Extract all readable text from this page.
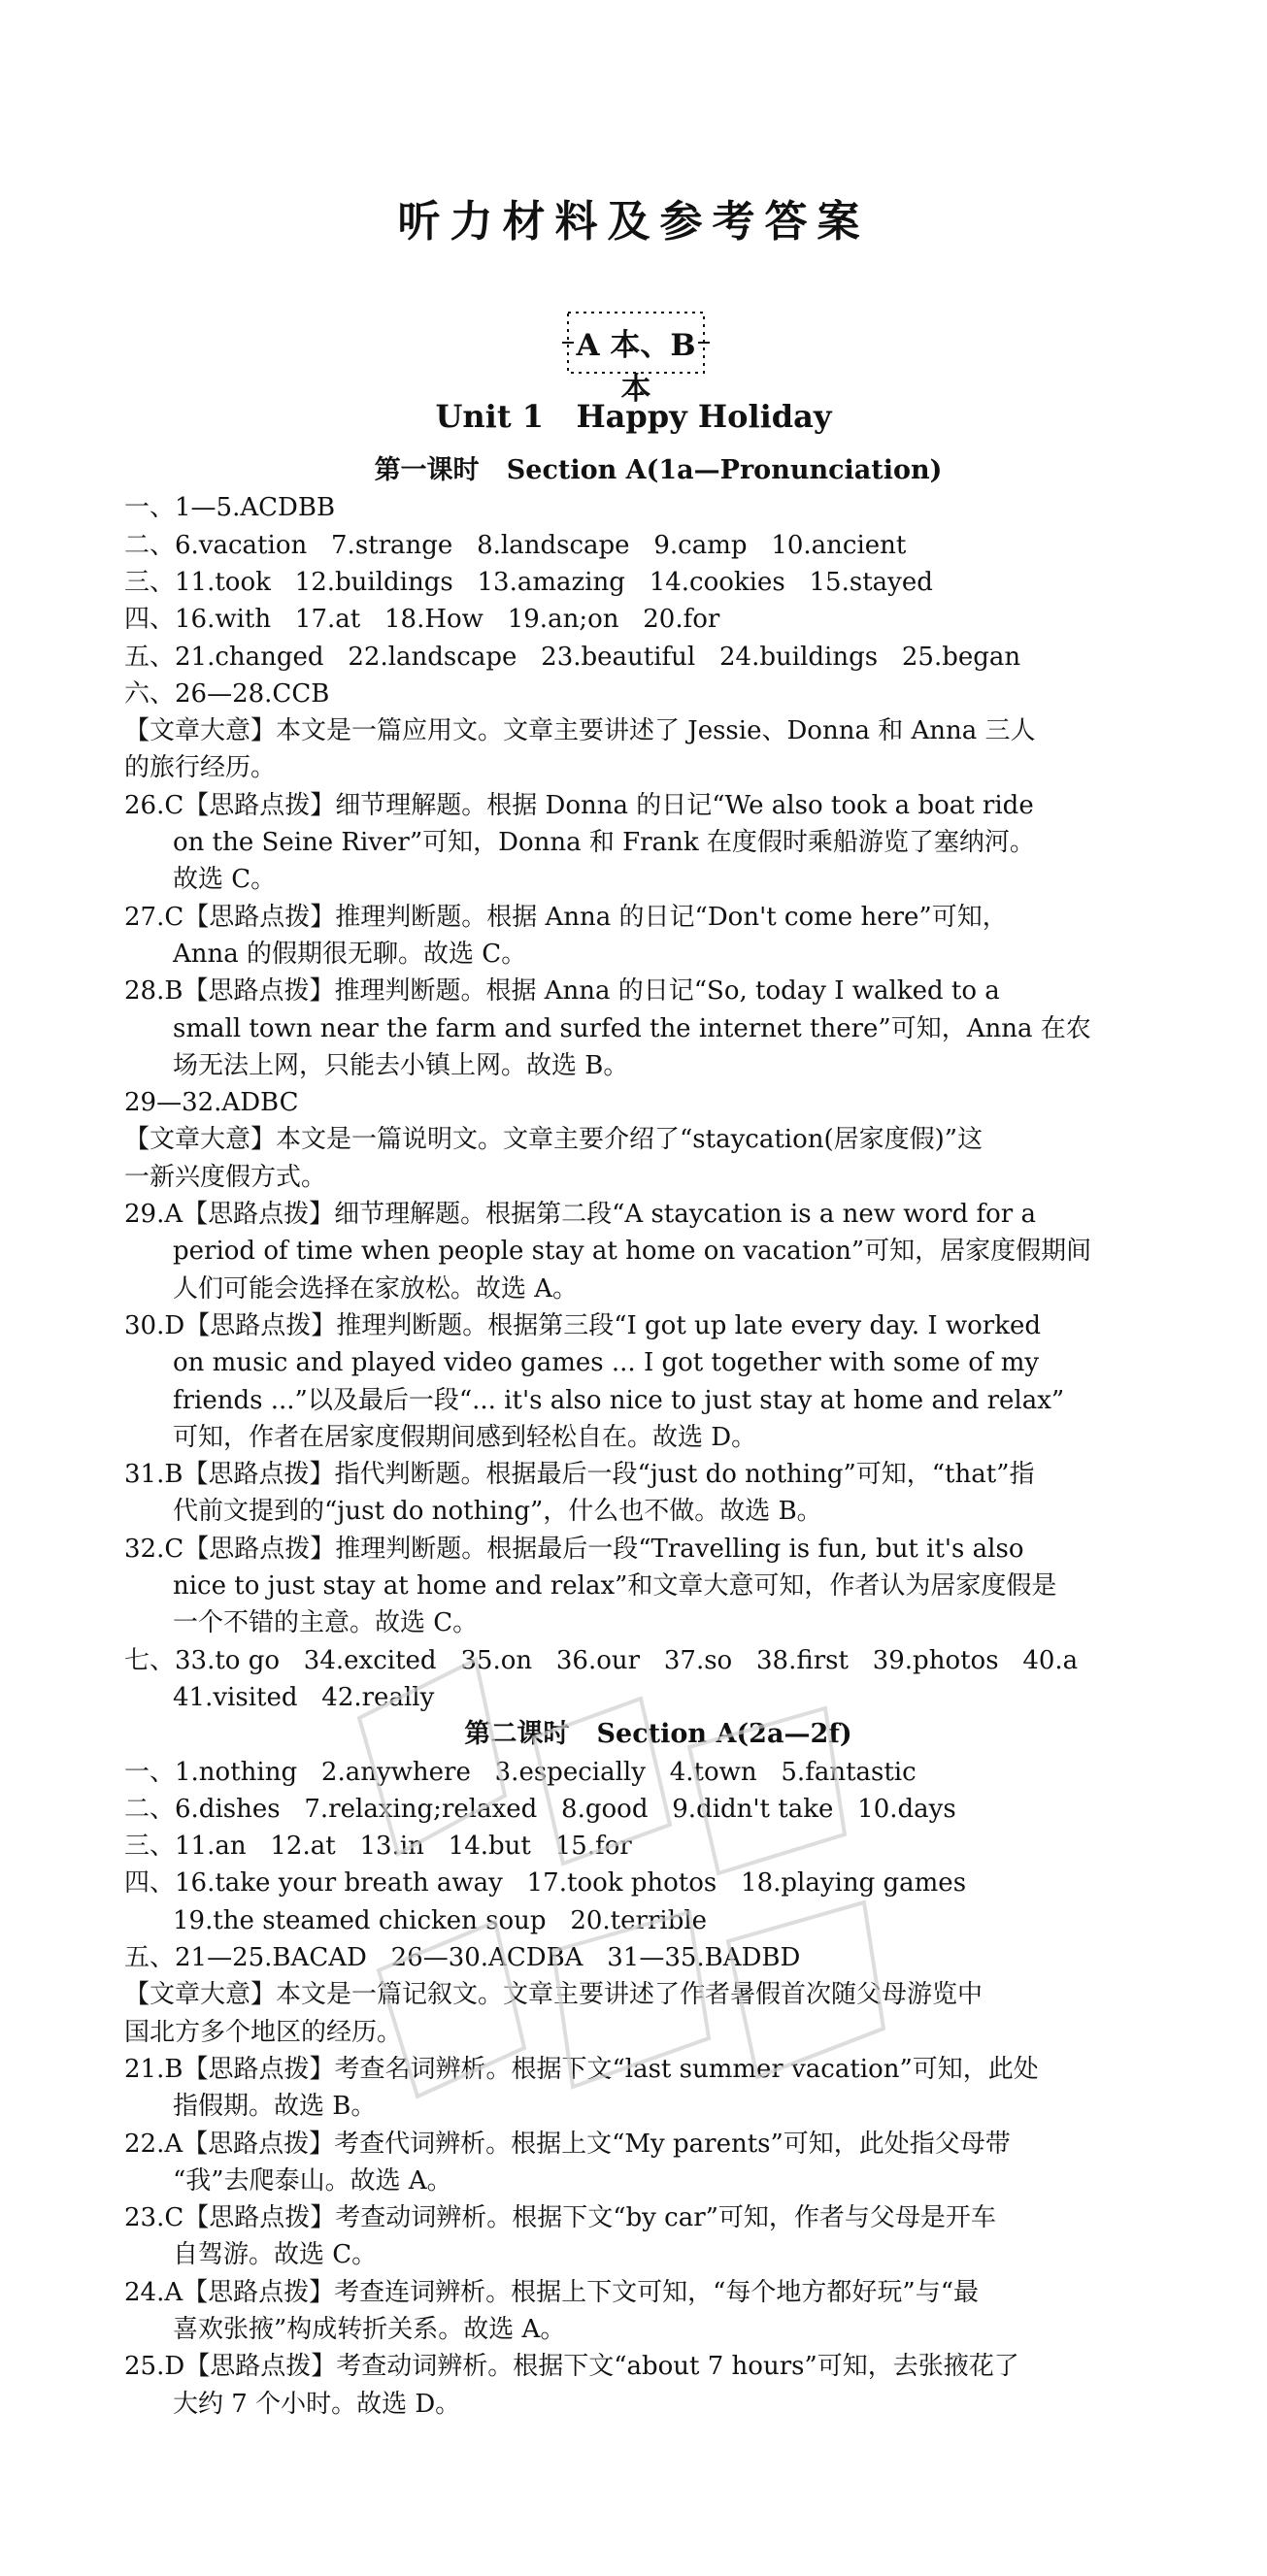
听力材料及参考答案
A 本、B 本
Unit 1   Happy Holiday
第一课时   Section A(1a—Pronunciation)
一、1—5.ACDBB
二、6.vacation   7.strange   8.landscape   9.camp   10.ancient
三、11.took   12.buildings   13.amazing   14.cookies   15.stayed
四、16.with   17.at   18.How   19.an;on   20.for
五、21.changed   22.landscape   23.beautiful   24.buildings   25.began
六、26—28.CCB
【文章大意】本文是一篇应用文。文章主要讲述了 Jessie、Donna 和 Anna 三人
的旅行经历。
26.C【思路点拨】细节理解题。根据 Donna 的日记“We also took a boat ride
on the Seine River”可知，Donna 和 Frank 在度假时乘船游览了塞纳河。
故选 C。
27.C【思路点拨】推理判断题。根据 Anna 的日记“Don't come here”可知，
Anna 的假期很无聊。故选 C。
28.B【思路点拨】推理判断题。根据 Anna 的日记“So, today I walked to a
small town near the farm and surfed the internet there”可知，Anna 在农
场无法上网，只能去小镇上网。故选 B。
29—32.ADBC
【文章大意】本文是一篇说明文。文章主要介绍了“staycation(居家度假)”这
一新兴度假方式。
29.A【思路点拨】细节理解题。根据第二段“A staycation is a new word for a
period of time when people stay at home on vacation”可知，居家度假期间
人们可能会选择在家放松。故选 A。
30.D【思路点拨】推理判断题。根据第三段“I got up late every day. I worked
on music and played video games ... I got together with some of my
friends ...”以及最后一段“... it's also nice to just stay at home and relax”
可知，作者在居家度假期间感到轻松自在。故选 D。
31.B【思路点拨】指代判断题。根据最后一段“just do nothing”可知，“that”指
代前文提到的“just do nothing”，什么也不做。故选 B。
32.C【思路点拨】推理判断题。根据最后一段“Travelling is fun, but it's also
nice to just stay at home and relax”和文章大意可知，作者认为居家度假是
一个不错的主意。故选 C。
七、33.to go   34.excited   35.on   36.our   37.so   38.first   39.photos   40.a
41.visited   42.really
第二课时   Section A(2a—2f)
一、1.nothing   2.anywhere   3.especially   4.town   5.fantastic
二、6.dishes   7.relaxing;relaxed   8.good   9.didn't take   10.days
三、11.an   12.at   13.in   14.but   15.for
四、16.take your breath away   17.took photos   18.playing games
19.the steamed chicken soup   20.terrible
五、21—25.BACAD   26—30.ACDBA   31—35.BADBD
【文章大意】本文是一篇记叙文。文章主要讲述了作者暑假首次随父母游览中
国北方多个地区的经历。
21.B【思路点拨】考查名词辨析。根据下文“last summer vacation”可知，此处
指假期。故选 B。
22.A【思路点拨】考查代词辨析。根据上文“My parents”可知，此处指父母带
“我”去爬泰山。故选 A。
23.C【思路点拨】考查动词辨析。根据下文“by car”可知，作者与父母是开车
自驾游。故选 C。
24.A【思路点拨】考查连词辨析。根据上下文可知，“每个地方都好玩”与“最
喜欢张掖”构成转折关系。故选 A。
25.D【思路点拨】考查动词辨析。根据下文“about 7 hours”可知，去张掖花了
大约 7 个小时。故选 D。
